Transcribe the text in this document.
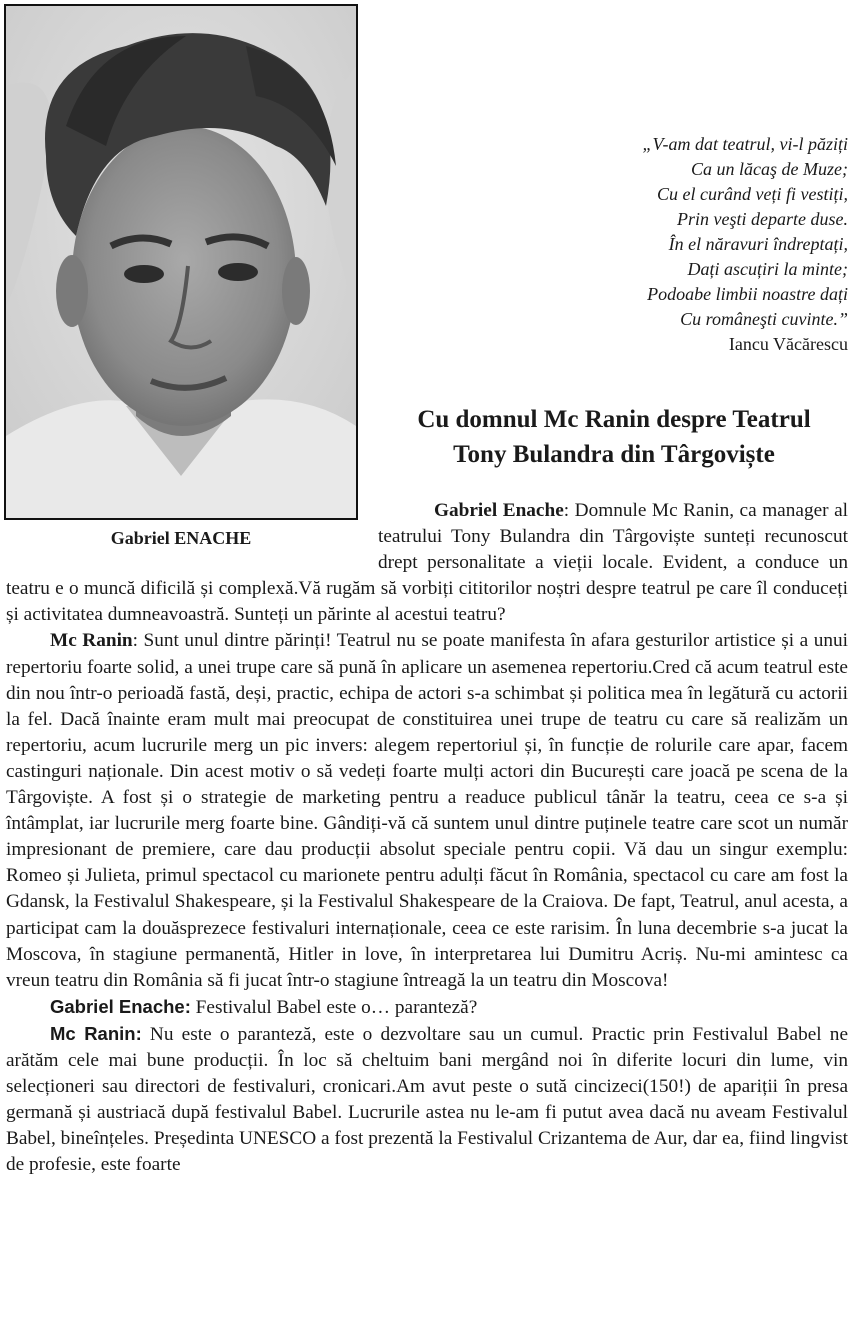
Gabriel ENACHE
„V-am dat teatrul, vi-l păziți
Ca un lăcaş de Muze;
Cu el curând veți fi vestiți,
Prin veşti departe duse.
În el năravuri îndreptați,
Dați ascuțiri la minte;
Podoabe limbii noastre dați
Cu româneşti cuvinte.”
Iancu Văcărescu
Cu domnul Mc Ranin despre Teatrul
Tony Bulandra din Târgoviște

Gabriel Enache: Domnule Mc Ranin, ca manager al teatrului Tony Bulandra din Târgoviște sunteți recunoscut drept personalitate a vieții locale. Evident, a conduce un teatru e o muncă dificilă și complexă.Vă rugăm să vorbiți cititorilor noștri despre teatrul pe care îl conduceți și activitatea dumneavoastră. Sunteți un părinte al acestui teatru?

Mc Ranin: Sunt unul dintre părinți! Teatrul nu se poate manifesta în afara gesturilor artistice și a unui repertoriu foarte solid, a unei trupe care să pună în aplicare un asemenea repertoriu.Cred că acum teatrul este din nou într-o perioadă fastă, deși, practic, echipa de actori s-a schimbat și politica mea în legătură cu actorii la fel. Dacă înainte eram mult mai preocupat de constituirea unei trupe de teatru cu care să realizăm un repertoriu, acum lucrurile merg un pic invers: alegem repertoriul și, în funcție de rolurile care apar, facem castinguri naționale. Din acest motiv o să vedeți foarte mulți actori din București care joacă pe scena de la Târgoviște. A fost și o strategie de marketing pentru a readuce publicul tânăr la teatru, ceea ce s-a și întâmplat, iar lucrurile merg foarte bine. Gândiți-vă că suntem unul dintre puținele teatre care scot un număr impresionant de premiere, care dau producții absolut speciale pentru copii. Vă dau un singur exemplu: Romeo și Julieta, primul spectacol cu marionete pentru adulți făcut în România, spectacol cu care am fost la Gdansk, la Festivalul Shakespeare, și la Festivalul Shakespeare de la Craiova. De fapt, Teatrul, anul acesta, a participat cam la douăsprezece festivaluri internaționale, ceea ce este rarisim. În luna decembrie s-a jucat la Moscova, în stagiune permanentă, Hitler in love, în interpretarea lui Dumitru Acriș. Nu-mi amintesc ca vreun teatru din România să fi jucat într-o stagiune întreagă la un teatru din Moscova!

Gabriel Enache: Festivalul Babel este o… paranteză?

Mc Ranin: Nu este o paranteză, este o dezvoltare sau un cumul. Practic prin Festivalul Babel ne arătăm cele mai bune producții. În loc să cheltuim bani mergând noi în diferite locuri din lume, vin selecționeri sau directori de festivaluri, cronicari.Am avut peste o sută cincizeci(150!) de apariții în presa germană și austriacă după festivalul Babel. Lucrurile astea nu le-am fi putut avea dacă nu aveam Festivalul Babel, bineînțeles. Președinta UNESCO a fost prezentă la Festivalul Crizantema de Aur, dar ea, fiind lingvist de profesie, este foarte
